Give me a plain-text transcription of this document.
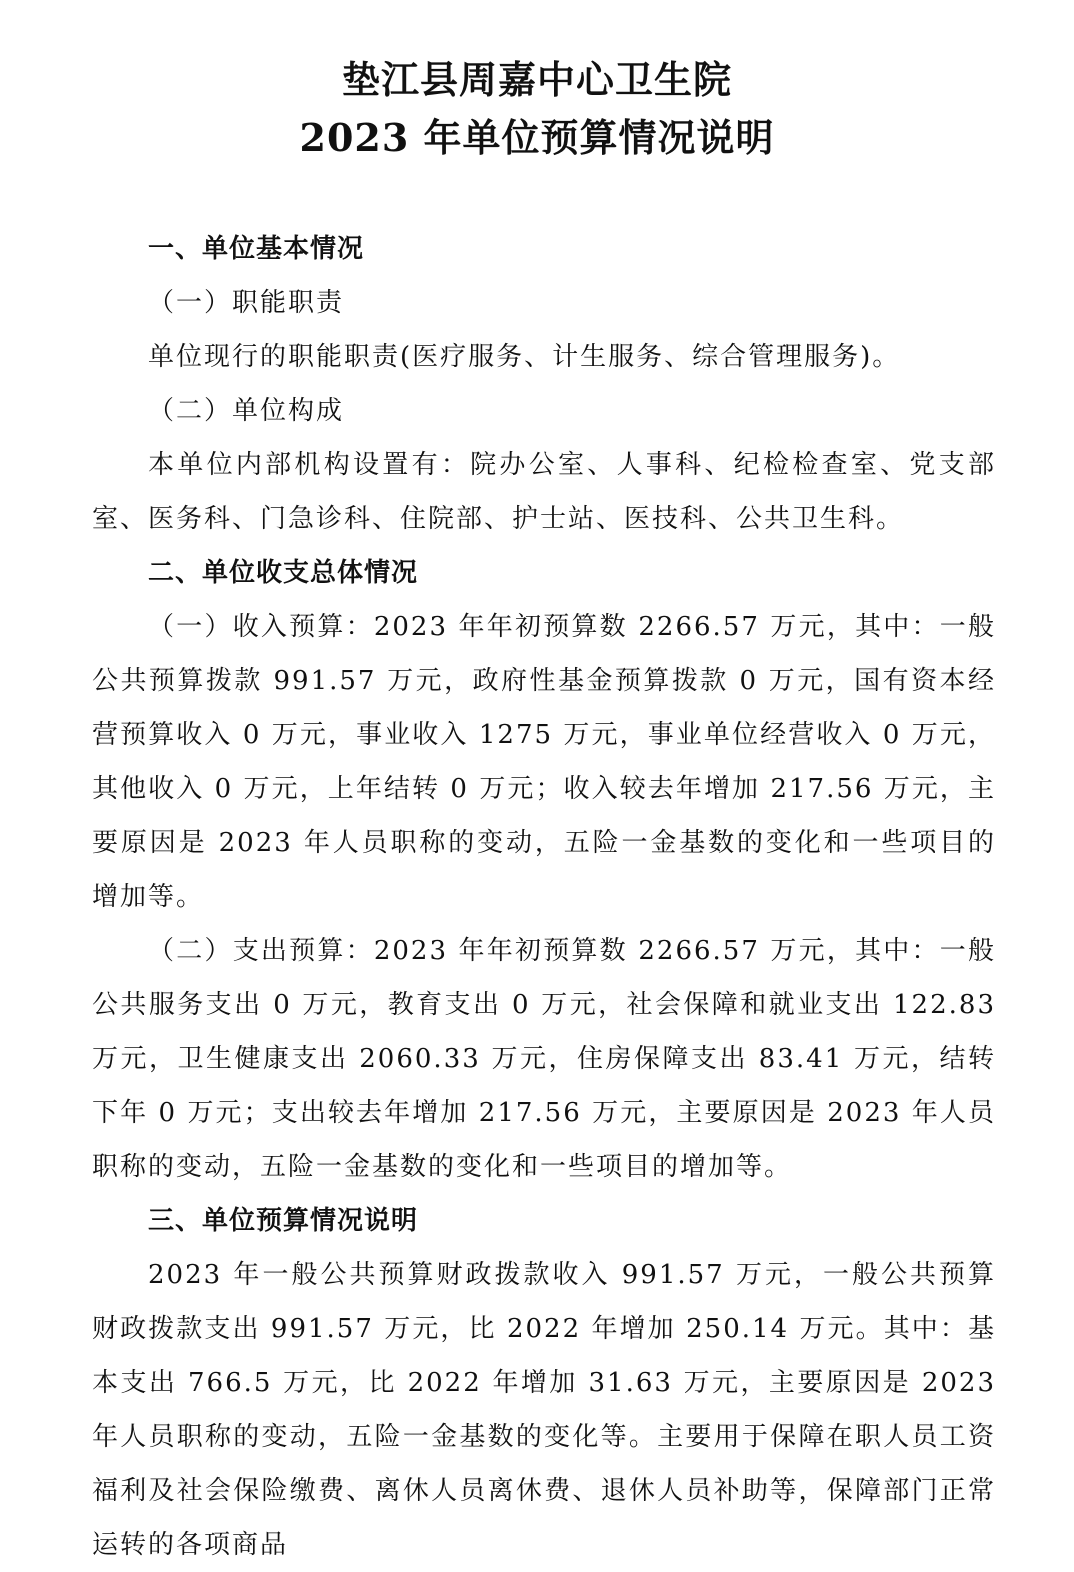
垫江县周嘉中心卫生院
2023 年单位预算情况说明

一、单位基本情况

（一）职能职责

单位现行的职能职责(医疗服务、计生服务、综合管理服务)。

（二）单位构成

本单位内部机构设置有：院办公室、人事科、纪检检查室、党支部室、医务科、门急诊科、住院部、护士站、医技科、公共卫生科。

二、单位收支总体情况

（一）收入预算：2023 年年初预算数 2266.57 万元，其中：一般公共预算拨款 991.57 万元，政府性基金预算拨款 0 万元，国有资本经营预算收入 0 万元，事业收入 1275 万元，事业单位经营收入 0 万元，其他收入 0 万元，上年结转 0 万元；收入较去年增加 217.56 万元，主要原因是 2023 年人员职称的变动，五险一金基数的变化和一些项目的增加等。

（二）支出预算：2023 年年初预算数 2266.57 万元，其中：一般公共服务支出 0 万元，教育支出 0 万元，社会保障和就业支出 122.83 万元，卫生健康支出 2060.33 万元，住房保障支出 83.41 万元，结转下年 0 万元；支出较去年增加 217.56 万元，主要原因是 2023 年人员职称的变动，五险一金基数的变化和一些项目的增加等。

三、单位预算情况说明

2023 年一般公共预算财政拨款收入 991.57 万元，一般公共预算财政拨款支出 991.57 万元，比 2022 年增加 250.14 万元。其中：基本支出 766.5 万元，比 2022 年增加 31.63 万元，主要原因是 2023 年人员职称的变动，五险一金基数的变化等。主要用于保障在职人员工资福利及社会保险缴费、离休人员离休费、退休人员补助等，保障部门正常运转的各项商品
